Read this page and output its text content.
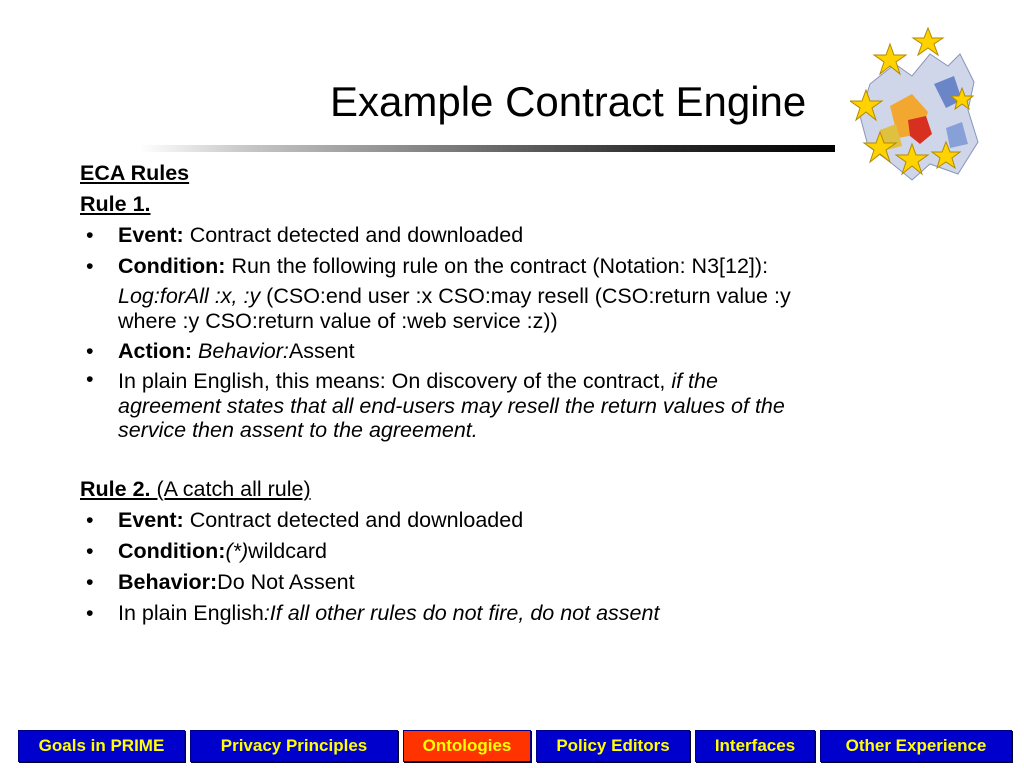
Example Contract Engine
ECA Rules
Rule 1.
• Event: Contract detected and downloaded
• Condition: Run the following rule on the contract (Notation: N3[12]):
Log:forAll :x, :y (CSO:end user :x CSO:may resell (CSO:return value :y
where :y CSO:return value of :web service :z))
• Action: Behavior:Assent
• In plain English, this means: On discovery of the contract, if the
agreement states that all end-users may resell the return values of the
service then assent to the agreement.
Rule 2. (A catch all rule)
• Event: Contract detected and downloaded
• Condition:(*)wildcard
• Behavior:Do Not Assent
• In plain English:If all other rules do not fire, do not assent
Goals in PRIME	Privacy Principles	Ontologies	Policy Editors	Interfaces	Other Experience
